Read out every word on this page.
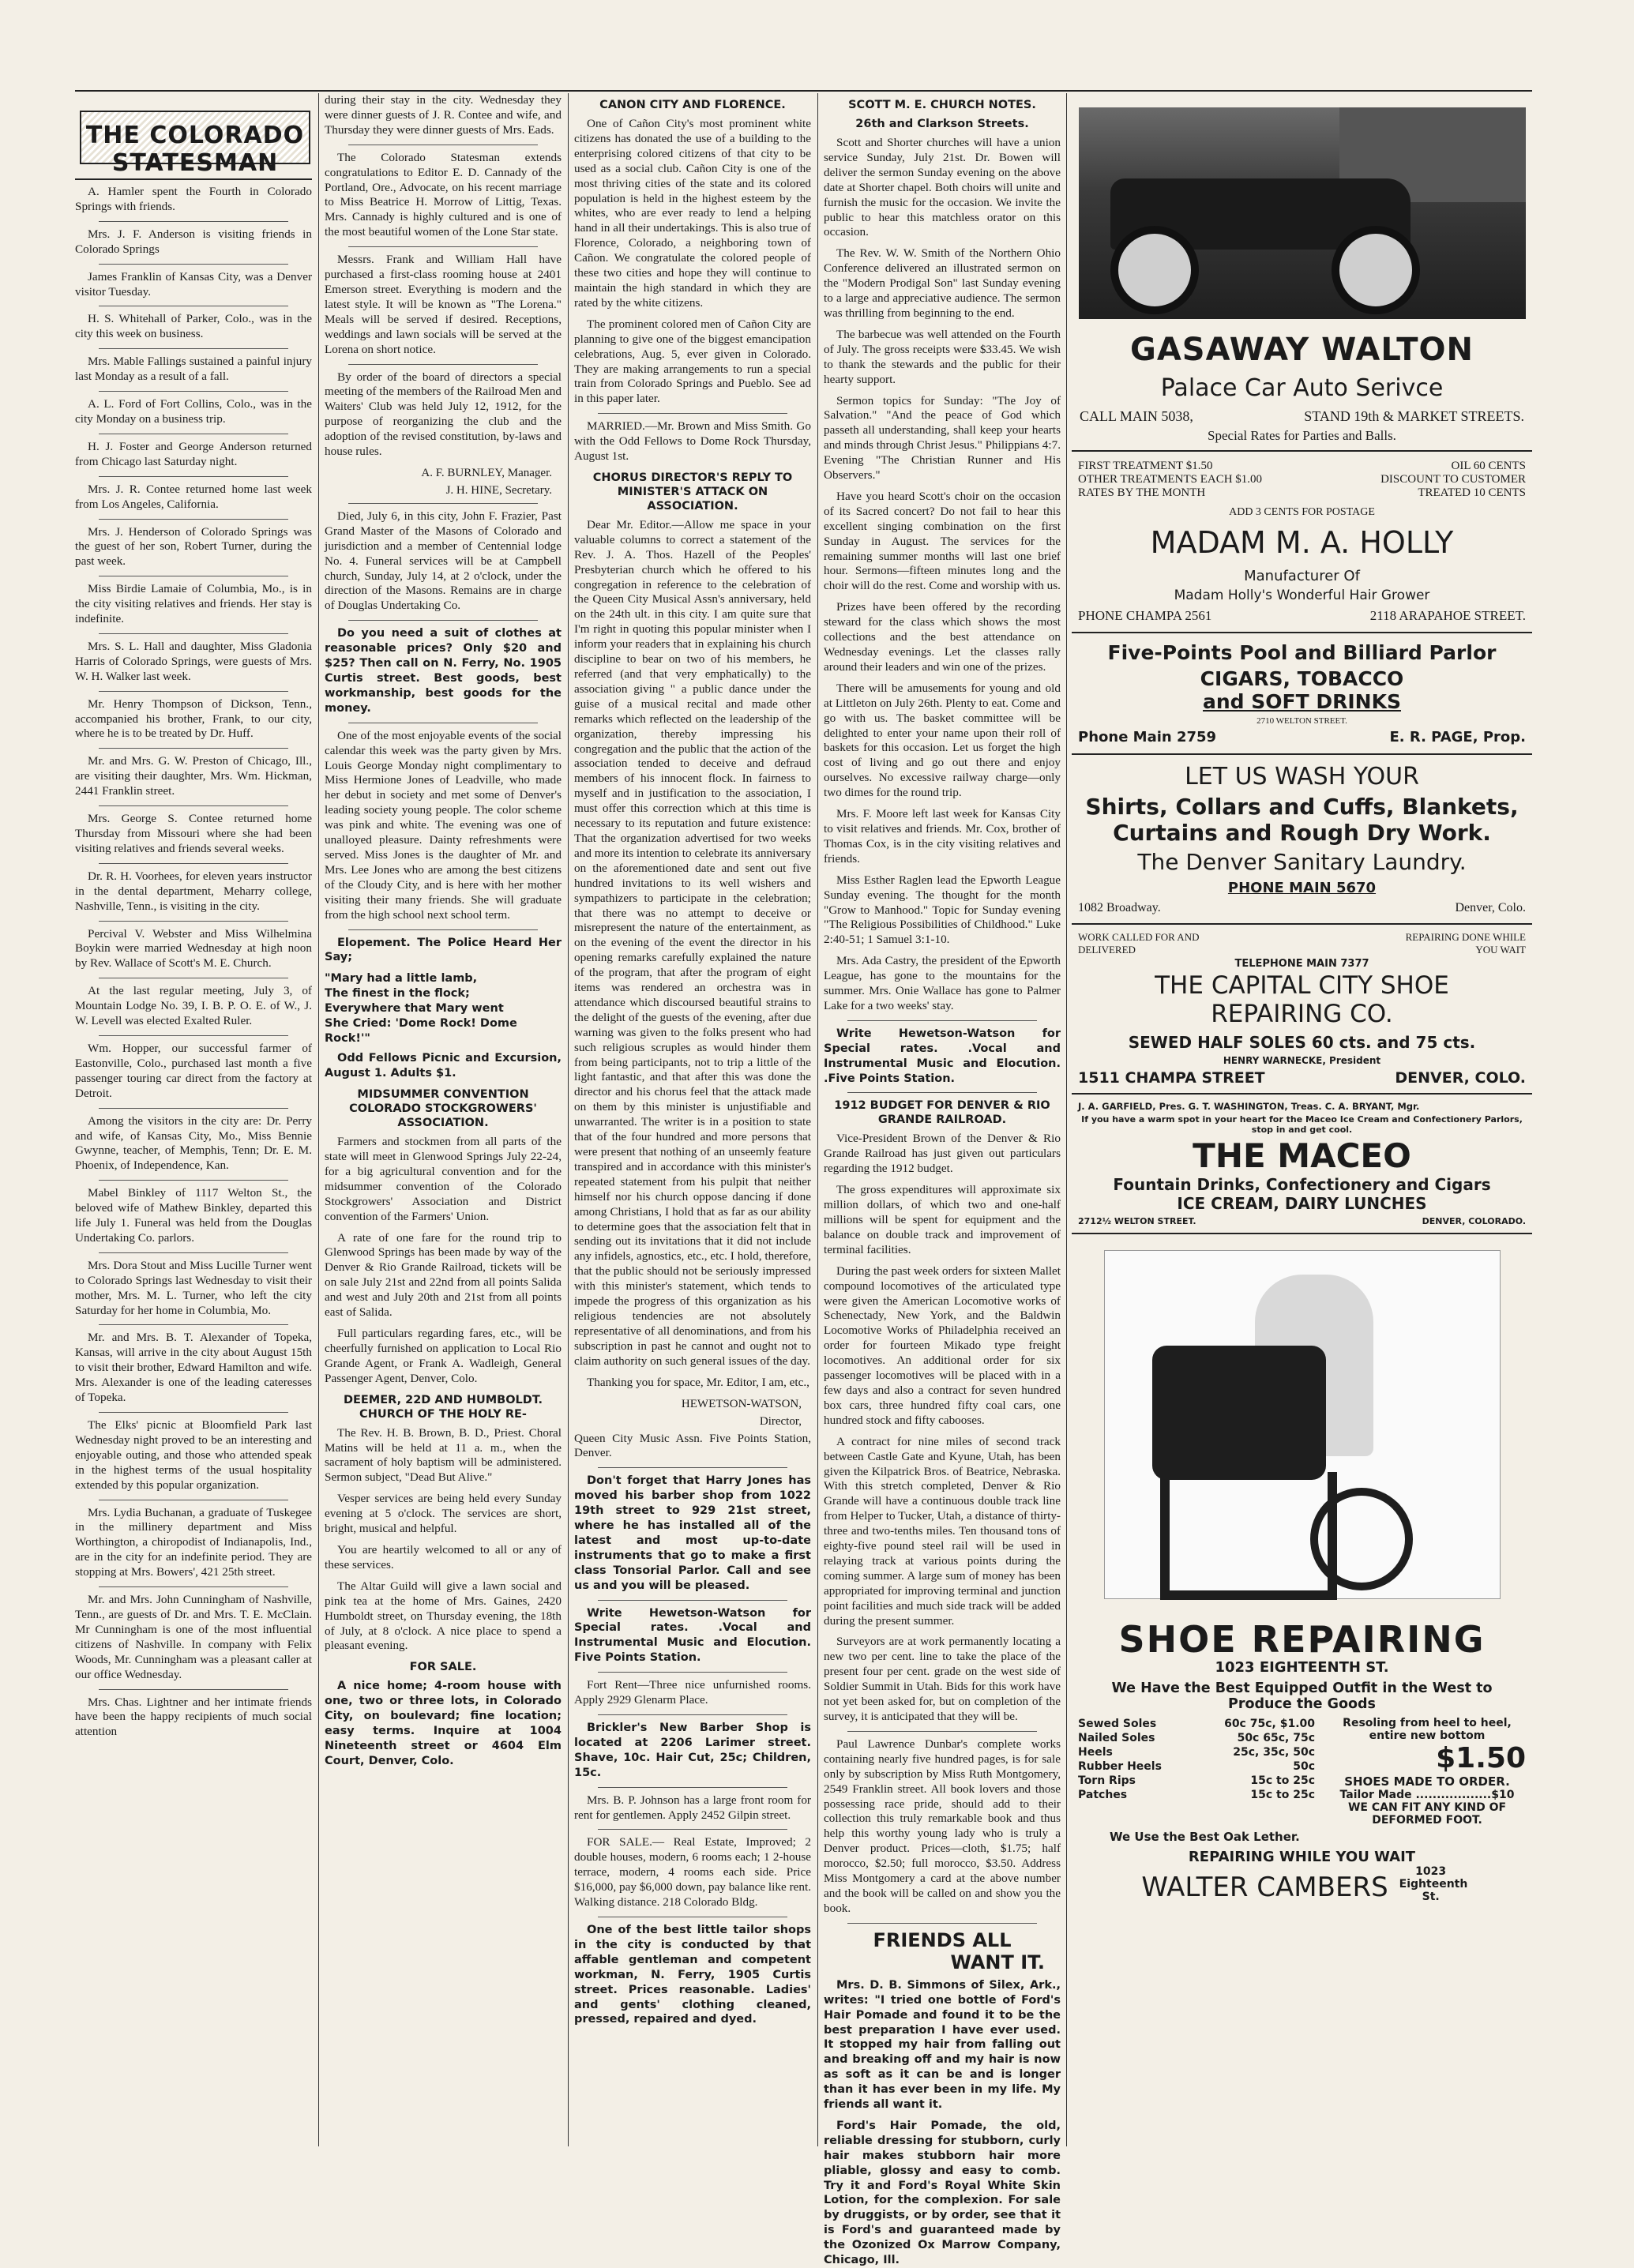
THE COLORADO STATESMAN

A. Hamler spent the Fourth in Colorado Springs with friends.

Mrs. J. F. Anderson is visiting friends in Colorado Springs

James Franklin of Kansas City, was a Denver visitor Tuesday.

H. S. Whitehall of Parker, Colo., was in the city this week on business.

Mrs. Mable Fallings sustained a painful injury last Monday as a result of a fall.

A. L. Ford of Fort Collins, Colo., was in the city Monday on a business trip.

H. J. Foster and George Anderson returned from Chicago last Saturday night.

Mrs. J. R. Contee returned home last week from Los Angeles, California.

Mrs. J. Henderson of Colorado Springs was the guest of her son, Robert Turner, during the past week.

Miss Birdie Lamaie of Columbia, Mo., is in the city visiting relatives and friends. Her stay is indefinite.

Mrs. S. L. Hall and daughter, Miss Gladonia Harris of Colorado Springs, were guests of Mrs. W. H. Walker last week.

Mr. Henry Thompson of Dickson, Tenn., accompanied his brother, Frank, to our city, where he is to be treated by Dr. Huff.

Mr. and Mrs. G. W. Preston of Chicago, Ill., are visiting their daughter, Mrs. Wm. Hickman, 2441 Franklin street.

Mrs. George S. Contee returned home Thursday from Missouri where she had been visiting relatives and friends several weeks.

Dr. R. H. Voorhees, for eleven years instructor in the dental department, Meharry college, Nashville, Tenn., is visiting in the city.

Percival V. Webster and Miss Wilhelmina Boykin were married Wednesday at high noon by Rev. Wallace of Scott's M. E. Church.

At the last regular meeting, July 3, of Mountain Lodge No. 39, I. B. P. O. E. of W., J. W. Levell was elected Exalted Ruler.

Wm. Hopper, our successful farmer of Eastonville, Colo., purchased last month a five passenger touring car direct from the factory at Detroit.

Among the visitors in the city are: Dr. Perry and wife, of Kansas City, Mo., Miss Bennie Gwynne, teacher, of Memphis, Tenn; Dr. E. M. Phoenix, of Independence, Kan.

Mabel Binkley of 1117 Welton St., the beloved wife of Mathew Binkley, departed this life July 1. Funeral was held from the Douglas Undertaking Co. parlors.

Mrs. Dora Stout and Miss Lucille Turner went to Colorado Springs last Wednesday to visit their mother, Mrs. M. L. Turner, who left the city Saturday for her home in Columbia, Mo.

Mr. and Mrs. B. T. Alexander of Topeka, Kansas, will arrive in the city about August 15th to visit their brother, Edward Hamilton and wife. Mrs. Alexander is one of the leading cateresses of Topeka.

The Elks' picnic at Bloomfield Park last Wednesday night proved to be an interesting and enjoyable outing, and those who attended speak in the highest terms of the usual hospitality extended by this popular organization.

Mrs. Lydia Buchanan, a graduate of Tuskegee in the millinery department and Miss Worthington, a chiropodist of Indianapolis, Ind., are in the city for an indefinite period. They are stopping at Mrs. Bowers', 421 25th street.

Mr. and Mrs. John Cunningham of Nashville, Tenn., are guests of Dr. and Mrs. T. E. McClain. Mr Cunningham is one of the most influential citizens of Nashville. In company with Felix Woods, Mr. Cunningham was a pleasant caller at our office Wednesday.

Mrs. Chas. Lightner and her intimate friends have been the happy recipients of much social attention

during their stay in the city. Wednesday they were dinner guests of J. R. Contee and wife, and Thursday they were dinner guests of Mrs. Eads.

The Colorado Statesman extends congratulations to Editor E. D. Cannady of the Portland, Ore., Advocate, on his recent marriage to Miss Beatrice H. Morrow of Littig, Texas. Mrs. Cannady is highly cultured and is one of the most beautiful women of the Lone Star state.

Messrs. Frank and William Hall have purchased a first-class rooming house at 2401 Emerson street. Everything is modern and the latest style. It will be known as "The Lorena." Meals will be served if desired. Receptions, weddings and lawn socials will be served at the Lorena on short notice.

By order of the board of directors a special meeting of the members of the Railroad Men and Waiters' Club was held July 12, 1912, for the purpose of reorganizing the club and the adoption of the revised constitution, by-laws and house rules.

A. F. BURNLEY, Manager.
J. H. HINE, Secretary.

Died, July 6, in this city, John F. Frazier, Past Grand Master of the Masons of Colorado and jurisdiction and a member of Centennial lodge No. 4. Funeral services will be at Campbell church, Sunday, July 14, at 2 o'clock, under the direction of the Masons. Remains are in charge of Douglas Undertaking Co.

Do you need a suit of clothes at reasonable prices? Only $20 and $25? Then call on N. Ferry, No. 1905 Curtis street. Best goods, best workmanship, best goods for the money.

One of the most enjoyable events of the social calendar this week was the party given by Mrs. Louis George Monday night complimentary to Miss Hermione Jones of Leadville, who made her debut in society and met some of Denver's leading society young people. The color scheme was pink and white. The evening was one of unalloyed pleasure. Dainty refreshments were served. Miss Jones is the daughter of Mr. and Mrs. Lee Jones who are among the best citizens of the Cloudy City, and is here with her mother visiting their many friends. She will graduate from the high school next school term.

Elopement. The Police Heard Her Say;

"Mary had a little lamb,
The finest in the flock;
Everywhere that Mary went
She Cried: 'Dome Rock! Dome
Rock!'"

Odd Fellows Picnic and Excursion, August 1. Adults $1.

MIDSUMMER CONVENTION COLORADO STOCKGROWERS' ASSOCIATION.

Farmers and stockmen from all parts of the state will meet in Glenwood Springs July 22-24, for a big agricultural convention and for the midsummer convention of the Colorado Stockgrowers' Association and District convention of the Farmers' Union.

A rate of one fare for the round trip to Glenwood Springs has been made by way of the Denver & Rio Grande Railroad, tickets will be on sale July 21st and 22nd from all points Salida and west and July 20th and 21st from all points east of Salida.

Full particulars regarding fares, etc., will be cheerfully furnished on application to Local Rio Grande Agent, or Frank A. Wadleigh, General Passenger Agent, Denver, Colo.

DEEMER, 22D AND HUMBOLDT. CHURCH OF THE HOLY RE-

The Rev. H. B. Brown, B. D., Priest. Choral Matins will be held at 11 a. m., when the sacrament of holy baptism will be administered. Sermon subject, "Dead But Alive."

Vesper services are being held every Sunday evening at 5 o'clock. The services are short, bright, musical and helpful.

You are heartily welcomed to all or any of these services.

The Altar Guild will give a lawn social and pink tea at the home of Mrs. Gaines, 2420 Humboldt street, on Thursday evening, the 18th of July, at 8 o'clock. A nice place to spend a pleasant evening.

FOR SALE.

A nice home; 4-room house with one, two or three lots, in Colorado City, on boulevard; fine location; easy terms. Inquire at 1004 Nineteenth street or 4604 Elm Court, Denver, Colo.

CANON CITY AND FLORENCE.

One of Cañon City's most prominent white citizens has donated the use of a building to the enterprising colored citizens of that city to be used as a social club. Cañon City is one of the most thriving cities of the state and its colored population is held in the highest esteem by the whites, who are ever ready to lend a helping hand in all their undertakings. This is also true of Florence, Colorado, a neighboring town of Cañon. We congratulate the colored people of these two cities and hope they will continue to maintain the high standard in which they are rated by the white citizens.

The prominent colored men of Cañon City are planning to give one of the biggest emancipation celebrations, Aug. 5, ever given in Colorado. They are making arrangements to run a special train from Colorado Springs and Pueblo. See ad in this paper later.

MARRIED.—Mr. Brown and Miss Smith. Go with the Odd Fellows to Dome Rock Thursday, August 1st.

CHORUS DIRECTOR'S REPLY TO MINISTER'S ATTACK ON ASSOCIATION.

Dear Mr. Editor.—Allow me space in your valuable columns to correct a statement of the Rev. J. A. Thos. Hazell of the Peoples' Presbyterian church which he offered to his congregation in reference to the celebration of the Queen City Musical Assn's anniversary, held on the 24th ult. in this city. I am quite sure that I'm right in quoting this popular minister when I inform your readers that in explaining his church discipline to bear on two of his members, he referred (and that very emphatically) to the association giving " a public dance under the guise of a musical recital and made other remarks which reflected on the leadership of the organization, thereby impressing his congregation and the public that the action of the association tended to deceive and defraud members of his innocent flock. In fairness to myself and in justification to the association, I must offer this correction which at this time is necessary to its reputation and future existence: That the organization advertised for two weeks and more its intention to celebrate its anniversary on the aforementioned date and sent out five hundred invitations to its well wishers and sympathizers to participate in the celebration; that there was no attempt to deceive or misrepresent the nature of the entertainment, as on the evening of the event the director in his opening remarks carefully explained the nature of the program, that after the program of eight items was rendered an orchestra was in attendance which discoursed beautiful strains to the delight of the guests of the evening, after due warning was given to the folks present who had such religious scruples as would hinder them from being participants, not to trip a little of the light fantastic, and that after this was done the director and his chorus feel that the attack made on them by this minister is unjustifiable and unwarranted. The writer is in a position to state that of the four hundred and more persons that were present that nothing of an unseemly feature transpired and in accordance with this minister's repeated statement from his pulpit that neither himself nor his church oppose dancing if done among Christians, I hold that as far as our ability to determine goes that the association felt that in sending out its invitations that it did not include any infidels, agnostics, etc., etc. I hold, therefore, that the public should not be seriously impressed with this minister's statement, which tends to impede the progress of this organization as his religious tendencies are not absolutely representative of all denominations, and from his subscription in past he cannot and ought not to claim authority on such general issues of the day.

Thanking you for space, Mr. Editor, I am, etc.,

HEWETSON-WATSON,
Director,

Queen City Music Assn. Five Points Station, Denver.

Don't forget that Harry Jones has moved his barber shop from 1022 19th street to 929 21st street, where he has installed all of the latest and most up-to-date instruments that go to make a first class Tonsorial Parlor. Call and see us and you will be pleased.

Write Hewetson-Watson for Special rates. .Vocal and Instrumental Music and Elocution. Five Points Station.

Fort Rent—Three nice unfurnished rooms. Apply 2929 Glenarm Place.

Brickler's New Barber Shop is located at 2206 Larimer street. Shave, 10c. Hair Cut, 25c; Children, 15c.

Mrs. B. P. Johnson has a large front room for rent for gentlemen. Apply 2452 Gilpin street.

FOR SALE.— Real Estate, Improved; 2 double houses, modern, 6 rooms each; 1 2-house terrace, modern, 4 rooms each side. Price $16,000, pay $6,000 down, pay balance like rent. Walking distance. 218 Colorado Bldg.

One of the best little tailor shops in the city is conducted by that affable gentleman and competent workman, N. Ferry, 1905 Curtis street. Prices reasonable. Ladies' and gents' clothing cleaned, pressed, repaired and dyed.

SCOTT M. E. CHURCH NOTES.
26th and Clarkson Streets.

Scott and Shorter churches will have a union service Sunday, July 21st. Dr. Bowen will deliver the sermon Sunday evening on the above date at Shorter chapel. Both choirs will unite and furnish the music for the occasion. We invite the public to hear this matchless orator on this occasion.

The Rev. W. W. Smith of the Northern Ohio Conference delivered an illustrated sermon on the "Modern Prodigal Son" last Sunday evening to a large and appreciative audience. The sermon was thrilling from beginning to the end.

The barbecue was well attended on the Fourth of July. The gross receipts were $33.45. We wish to thank the stewards and the public for their hearty support.

Sermon topics for Sunday: "The Joy of Salvation." "And the peace of God which passeth all understanding, shall keep your hearts and minds through Christ Jesus." Philippians 4:7. Evening "The Christian Runner and His Observers."

Have you heard Scott's choir on the occasion of its Sacred concert? Do not fail to hear this excellent singing combination on the first Sunday in August. The services for the remaining summer months will last one brief hour. Sermons—fifteen minutes long and the choir will do the rest. Come and worship with us.

Prizes have been offered by the recording steward for the class which shows the most collections and the best attendance on Wednesday evenings. Let the classes rally around their leaders and win one of the prizes.

There will be amusements for young and old at Littleton on July 26th. Plenty to eat. Come and go with us. The basket committee will be delighted to enter your name upon their roll of baskets for this occasion. Let us forget the high cost of living and go out there and enjoy ourselves. No excessive railway charge—only two dimes for the round trip.

Mrs. F. Moore left last week for Kansas City to visit relatives and friends. Mr. Cox, brother of Thomas Cox, is in the city visiting relatives and friends.

Miss Esther Raglen lead the Epworth League Sunday evening. The thought for the month "Grow to Manhood." Topic for Sunday evening "The Religious Possibilities of Childhood." Luke 2:40-51; 1 Samuel 3:1-10.

Mrs. Ada Castry, the president of the Epworth League, has gone to the mountains for the summer. Mrs. Onie Wallace has gone to Palmer Lake for a two weeks' stay.

Write Hewetson-Watson for Special rates. .Vocal and Instrumental Music and Elocution. .Five Points Station.

1912 BUDGET FOR DENVER & RIO GRANDE RAILROAD.

Vice-President Brown of the Denver & Rio Grande Railroad has just given out particulars regarding the 1912 budget.

The gross expenditures will approximate six million dollars, of which two and one-half millions will be spent for equipment and the balance on double track and improvement of terminal facilities.

During the past week orders for sixteen Mallet compound locomotives of the articulated type were given the American Locomotive works of Schenectady, New York, and the Baldwin Locomotive Works of Philadelphia received an order for fourteen Mikado type freight locomotives. An additional order for six passenger locomotives will be placed with in a few days and also a contract for seven hundred box cars, three hundred fifty coal cars, one hundred stock and fifty cabooses.

A contract for nine miles of second track between Castle Gate and Kyune, Utah, has been given the Kilpatrick Bros. of Beatrice, Nebraska. With this stretch completed, Denver & Rio Grande will have a continuous double track line from Helper to Tucker, Utah, a distance of thirty-three and two-tenths miles. Ten thousand tons of eighty-five pound steel rail will be used in relaying track at various points during the coming summer. A large sum of money has been appropriated for improving terminal and junction point facilities and much side track will be added during the present summer.

Surveyors are at work permanently locating a new two per cent. line to take the place of the present four per cent. grade on the west side of Soldier Summit in Utah. Bids for this work have not yet been asked for, but on completion of the survey, it is anticipated that they will be.

Paul Lawrence Dunbar's complete works containing nearly five hundred pages, is for sale only by subscription by Miss Ruth Montgomery, 2549 Franklin street. All book lovers and those possessing race pride, should add to their collection this truly remarkable book and thus help this worthy young lady who is truly a Denver product. Prices—cloth, $1.75; half morocco, $2.50; full morocco, $3.50. Address Miss Montgomery a card at the above number and the book will be called on and show you the book.

FRIENDS ALL
WANT IT.

Mrs. D. B. Simmons of Silex, Ark., writes: "I tried one bottle of Ford's Hair Pomade and found it to be the best preparation I have ever used. It stopped my hair from falling out and breaking off and my hair is now as soft as it can be and is longer than it has ever been in my life. My friends all want it.

Ford's Hair Pomade, the old, reliable dressing for stubborn, curly hair makes stubborn hair more pliable, glossy and easy to comb. Try it and Ford's Royal White Skin Lotion, for the complexion. For sale by druggists, or by order, see that it is Ford's and guaranteed made by the Ozonized Ox Marrow Company, Chicago, Ill.

GASAWAY WALTON
Palace Car Auto Serivce
CALL MAIN 5038,	STAND 19th & MARKET STREETS.
Special Rates for Parties and Balls.
FIRST TREATMENT $1.50	OIL 60 CENTS
OTHER TREATMENTS EACH $1.00	DISCOUNT TO CUSTOMER
RATES BY THE MONTH	TREATED 10 CENTS
ADD 3 CENTS FOR POSTAGE
MADAM M. A. HOLLY
Manufacturer Of
Madam Holly's Wonderful Hair Grower
PHONE CHAMPA 2561	2118 ARAPAHOE STREET.
Five-Points Pool and Billiard Parlor
CIGARS, TOBACCO
and SOFT DRINKS
2710 WELTON STREET.
Phone Main 2759	E. R. PAGE, Prop.
LET US WASH YOUR
Shirts, Collars and Cuffs, Blankets,
Curtains and Rough Dry Work.
The Denver Sanitary Laundry.
PHONE MAIN 5670
1082 Broadway.	Denver, Colo.
WORK CALLED FOR AND	REPAIRING DONE WHILE
DELIVERED	YOU WAIT
TELEPHONE MAIN 7377
THE CAPITAL CITY SHOE
REPAIRING CO.
SEWED HALF SOLES 60 cts. and 75 cts.
HENRY WARNECKE, President
1511 CHAMPA STREET	DENVER, COLO.
J. A. GARFIELD, Pres. G. T. WASHINGTON, Treas. C. A. BRYANT, Mgr.
If you have a warm spot in your heart for the Maceo Ice Cream and Confectionery Parlors, stop in and get cool.
THE MACEO
Fountain Drinks, Confectionery and Cigars
ICE CREAM, DAIRY LUNCHES
2712½ WELTON STREET.	DENVER, COLORADO.
SHOE REPAIRING
1023 EIGHTEENTH ST.
We Have the Best Equipped Outfit in the West to Produce the Goods
Sewed Soles	60c 75c, $1.00
Nailed Soles	50c 65c, 75c
Heels	25c, 35c, 50c
Rubber Heels	50c
Torn Rips	15c to 25c
Patches	15c to 25c
Resoling from heel to heel, entire new bottom
$1.50
SHOES MADE TO ORDER.
Tailor Made ..................$10
WE CAN FIT ANY KIND OF DEFORMED FOOT.
We Use the Best Oak Lether.
REPAIRING WHILE YOU WAIT
WALTER CAMBERS	1023 Eighteenth St.
